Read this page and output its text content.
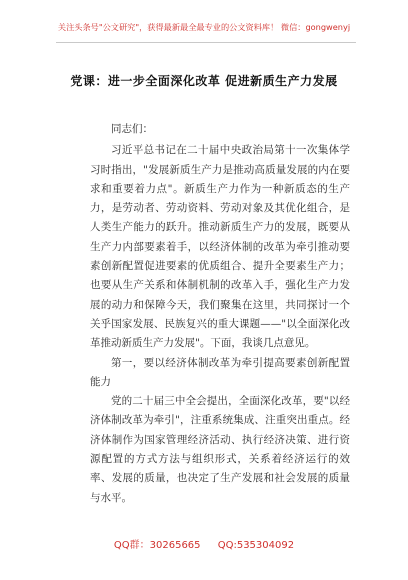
关注头条号"公文研究"，获得最新最全最专业的公文资料库！ 微信：gongwenyj
党课：进一步全面深化改革 促进新质生产力发展

同志们：

习近平总书记在二十届中央政治局第十一次集体学习时指出，"发展新质生产力是推动高质量发展的内在要求和重要着力点"。新质生产力作为一种新质态的生产力，是劳动者、劳动资料、劳动对象及其优化组合，是人类生产能力的跃升。推动新质生产力的发展，既要从生产力内部要素着手，以经济体制的改革为牵引推动要素创新配置促进要素的优质组合、提升全要素生产力；也要从生产关系和体制机制的改革入手，强化生产力发展的动力和保障今天，我们聚集在这里，共同探讨一个关乎国家发展、民族复兴的重大课题——"以全面深化改革推动新质生产力发展"。下面，我谈几点意见。

第一，要以经济体制改革为牵引提高要素创新配置能力

党的二十届三中全会提出，全面深化改革，要"以经济体制改革为牵引"，注重系统集成、注重突出重点。经济体制作为国家管理经济活动、执行经济决策、进行资源配置的方式方法与组织形式，关系着经济运行的效率、发展的质量，也决定了生产发展和社会发展的质量与水平。

QQ群：30265665 QQ:535304092
